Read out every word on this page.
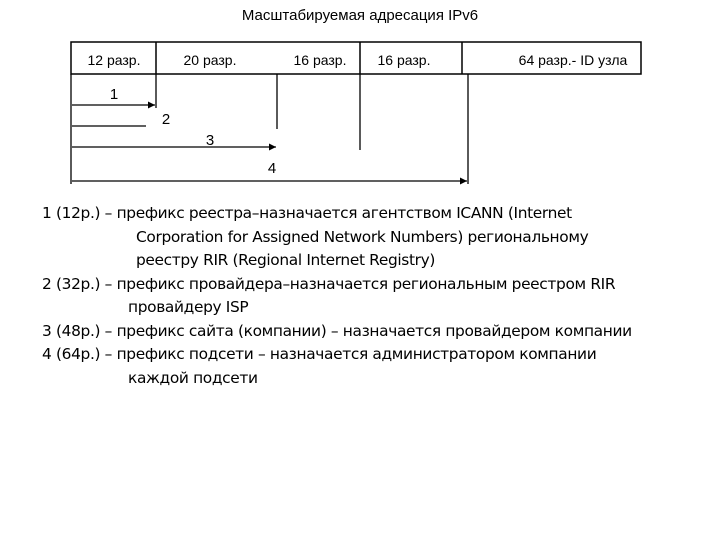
Масштабируемая адресация IPv6
12 разр.	20 разр.	16 разр. 16 разр.	64 разр.- ID узла
1
2
3
4
1 (12р.) – префикс реестра–назначается агентством ICANN (Internet
Corporation for Assigned Network Numbers) региональному
реестру RIR (Regional Internet Registry)
2 (32р.) – префикс провайдера–назначается региональным реестром RIR
провайдеру ISP
3 (48р.) – префикс сайта (компании) – назначается провайдером компании
4 (64р.) – префикс подсети – назначается администратором компании
каждой подсети
